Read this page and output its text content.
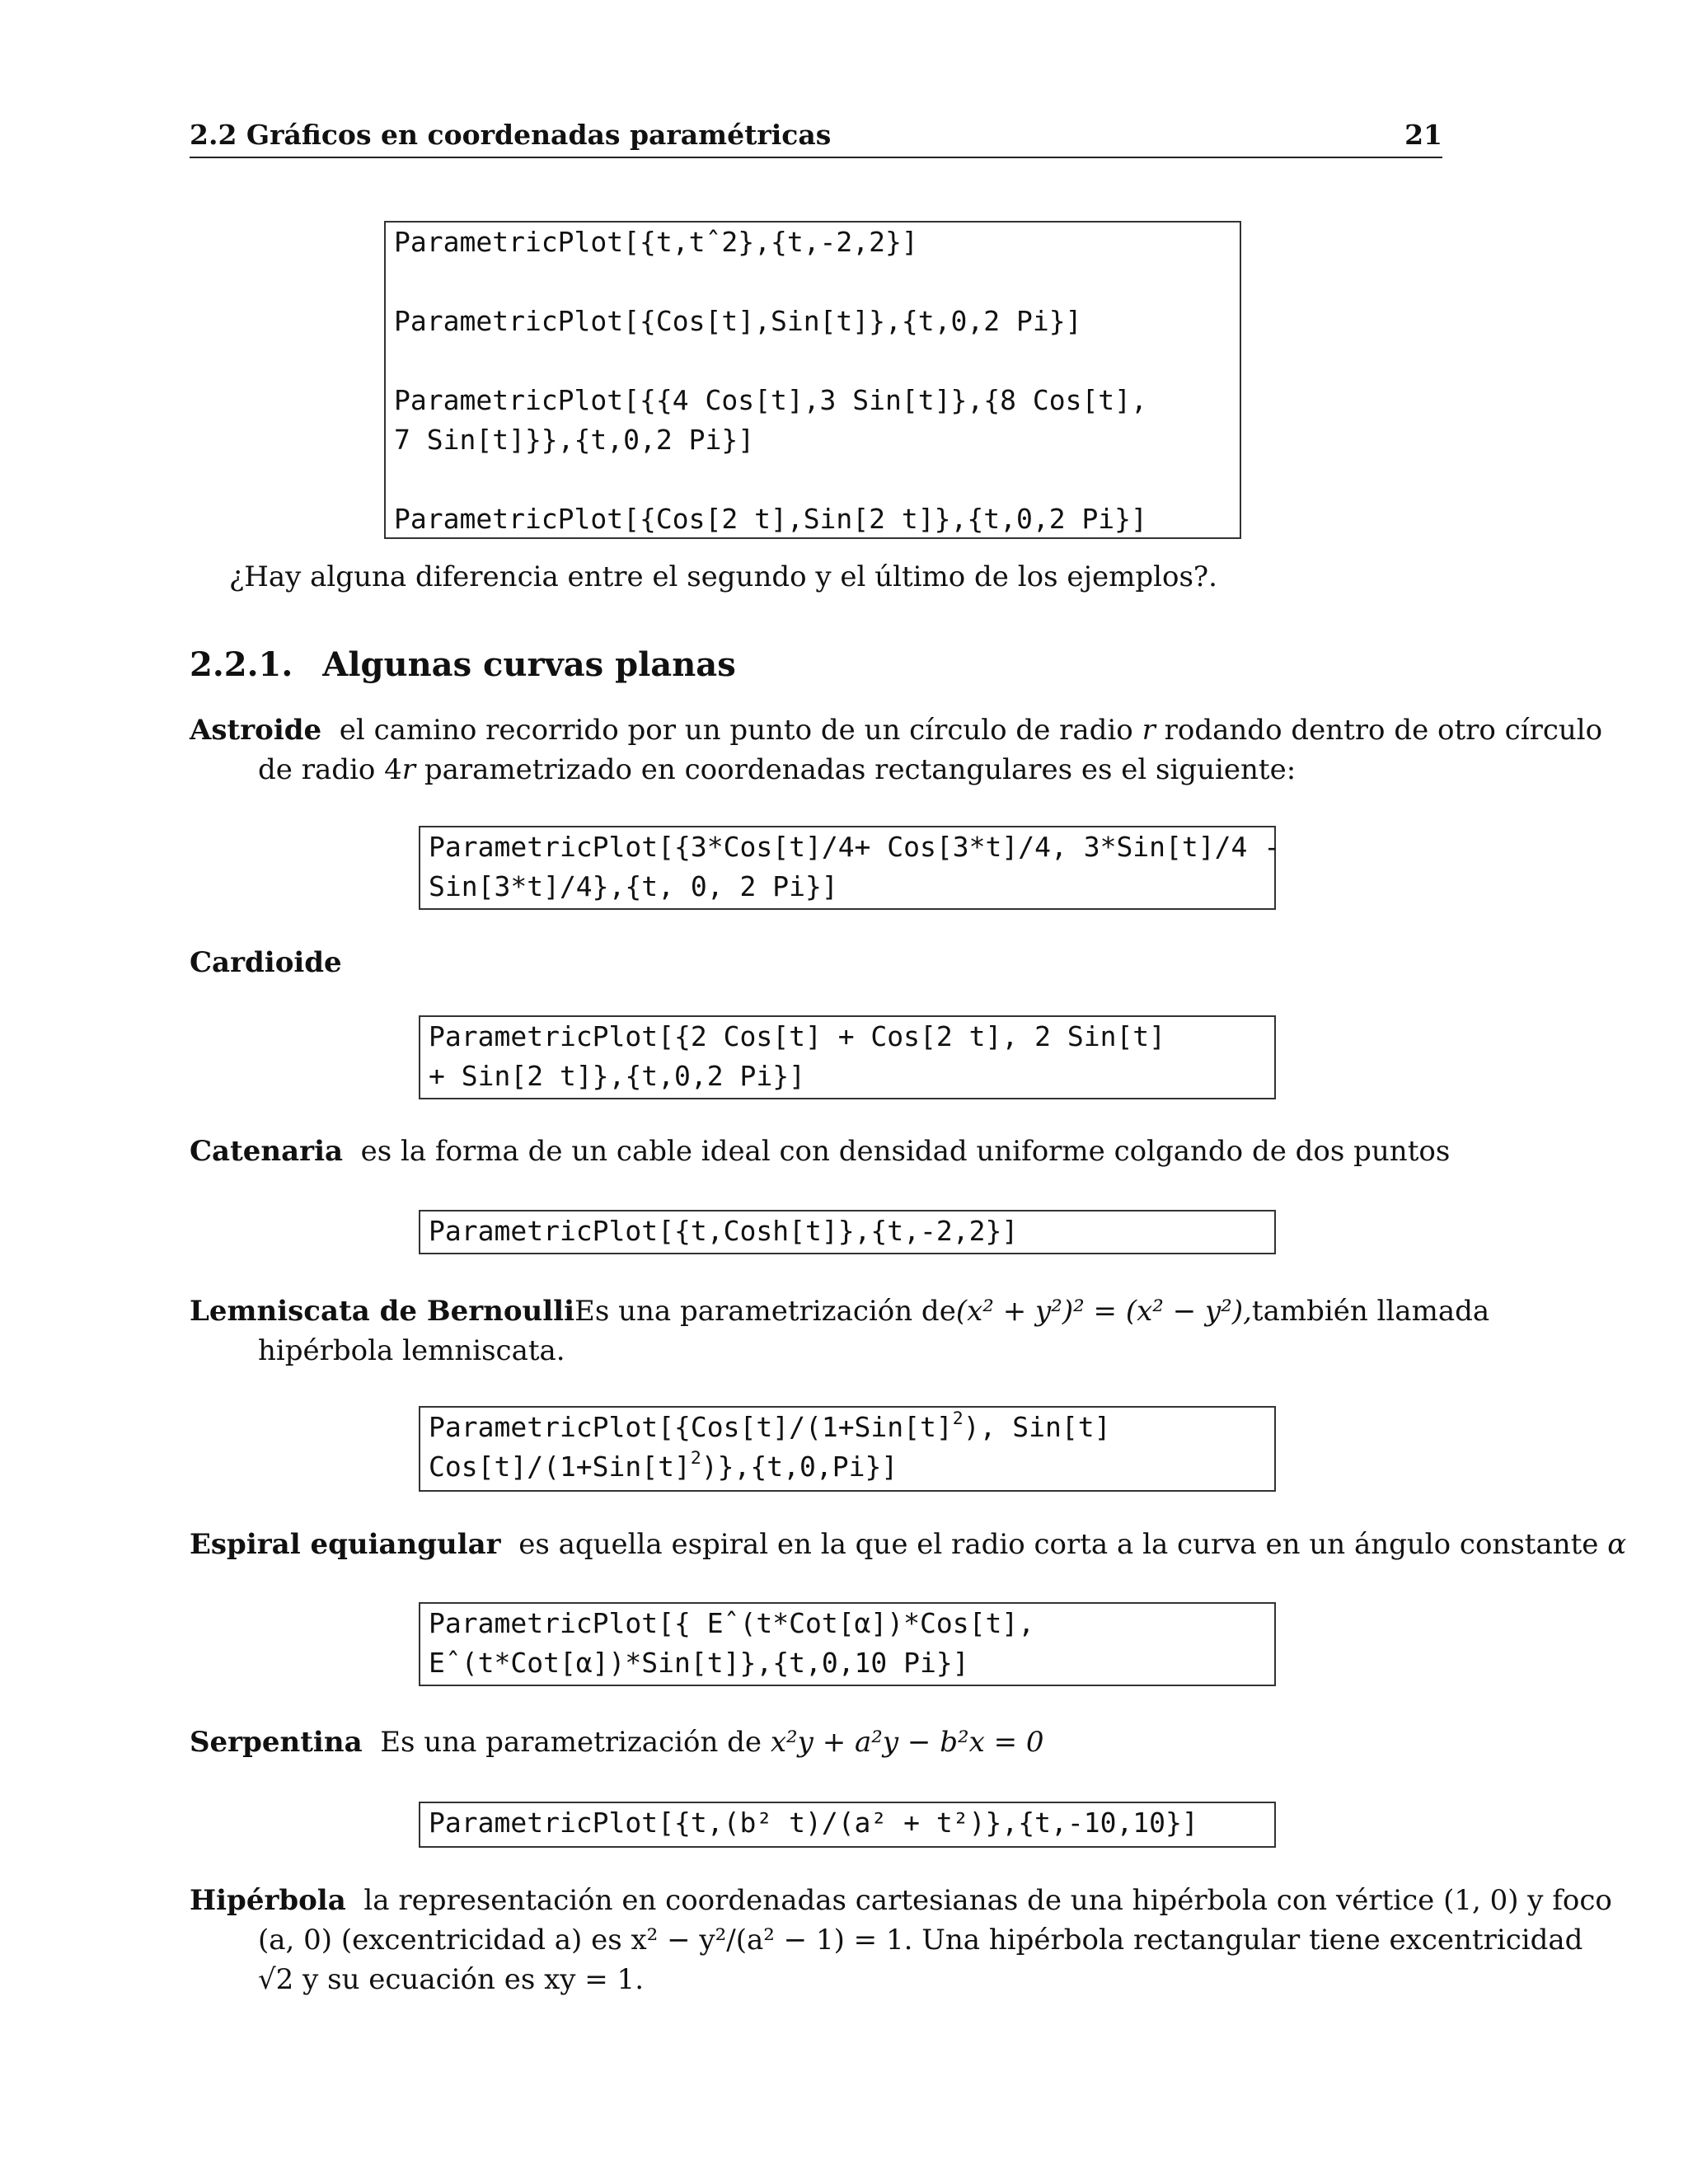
2.2 Gráficos en coordenadas paramétricas	21
ParametricPlot[{t,tˆ2},{t,-2,2}]
ParametricPlot[{Cos[t],Sin[t]},{t,0,2 Pi}]
ParametricPlot[{{4 Cos[t],3 Sin[t]},{8 Cos[t],
7 Sin[t]}},{t,0,2 Pi}]
ParametricPlot[{Cos[2 t],Sin[2 t]},{t,0,2 Pi}]
¿Hay alguna diferencia entre el segundo y el último de los ejemplos?.
2.2.1. Algunas curvas planas
Astroide el camino recorrido por un punto de un círculo de radio r rodando dentro de otro círculo
de radio 4r parametrizado en coordenadas rectangulares es el siguiente:
ParametricPlot[{3*Cos[t]/4+ Cos[3*t]/4, 3*Sin[t]/4 -
Sin[3*t]/4},{t, 0, 2 Pi}]
Cardioide
ParametricPlot[{2 Cos[t] + Cos[2 t], 2 Sin[t]
+ Sin[2 t]},{t,0,2 Pi}]
Catenaria es la forma de un cable ideal con densidad uniforme colgando de dos puntos
ParametricPlot[{t,Cosh[t]},{t,-2,2}]
Lemniscata de Bernoulli Es una parametrización de (x² + y²)² = (x² − y²), también llamada
hipérbola lemniscata.
$ParametricPlot[\{Cos[t]/(1+Sin[t]^2)$, Sin[t]
$Cos[t]/(1+Sin[t]^2)\},\{t,0,Pi\}$]
Espiral equiangular es aquella espiral en la que el radio corta a la curva en un ángulo constante α
ParametricPlot[{ Eˆ(t*Cot[α])*Cos[t],
Eˆ(t*Cot[α])*Sin[t]},{t,0,10 Pi}]
Serpentina Es una parametrización de x²y + a²y − b²x = 0
ParametricPlot[{t,(b² t)/(a² + t²)},{t,-10,10}]
Hipérbola la representación en coordenadas cartesianas de una hipérbola con vértice (1, 0) y foco
(a, 0) (excentricidad a) es x² − y²/(a² − 1) = 1. Una hipérbola rectangular tiene excentricidad
√2 y su ecuación es xy = 1.
